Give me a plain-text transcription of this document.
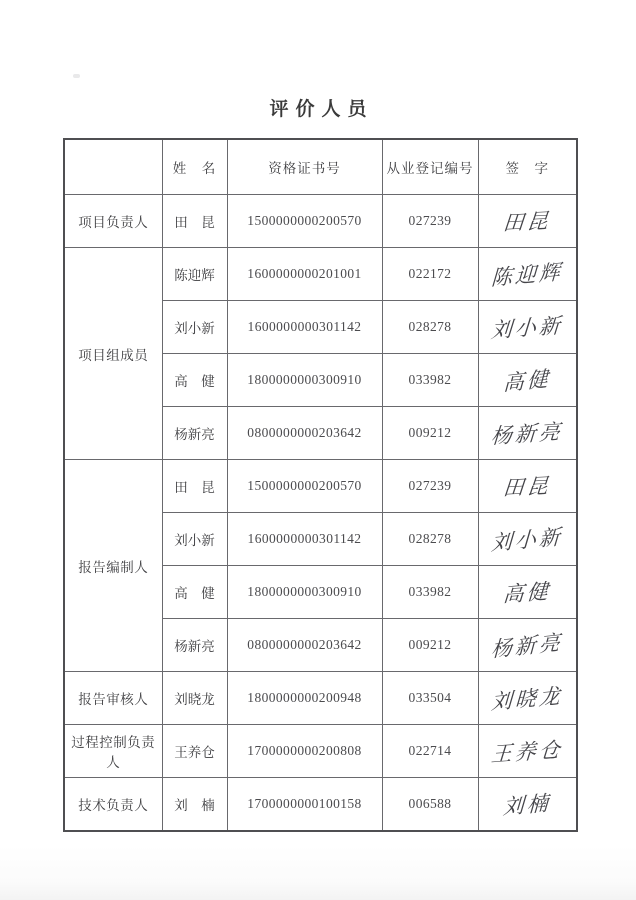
评价人员
	姓　名	资格证书号	从业登记编号	签　字
项目负责人	田　昆	1500000000200570	027239	田昆
项目组成员	陈迎辉	1600000000201001	022172	陈迎辉
	刘小新	1600000000301142	028278	刘小新
	高　健	1800000000300910	033982	高健
	杨新亮	0800000000203642	009212	杨新亮
报告编制人	田　昆	1500000000200570	027239	田昆
	刘小新	1600000000301142	028278	刘小新
	高　健	1800000000300910	033982	高健
	杨新亮	0800000000203642	009212	杨新亮
报告审核人	刘晓龙	1800000000200948	033504	刘晓龙
过程控制负责人	王养仓	1700000000200808	022714	王养仓
技术负责人	刘　楠	1700000000100158	006588	刘楠
